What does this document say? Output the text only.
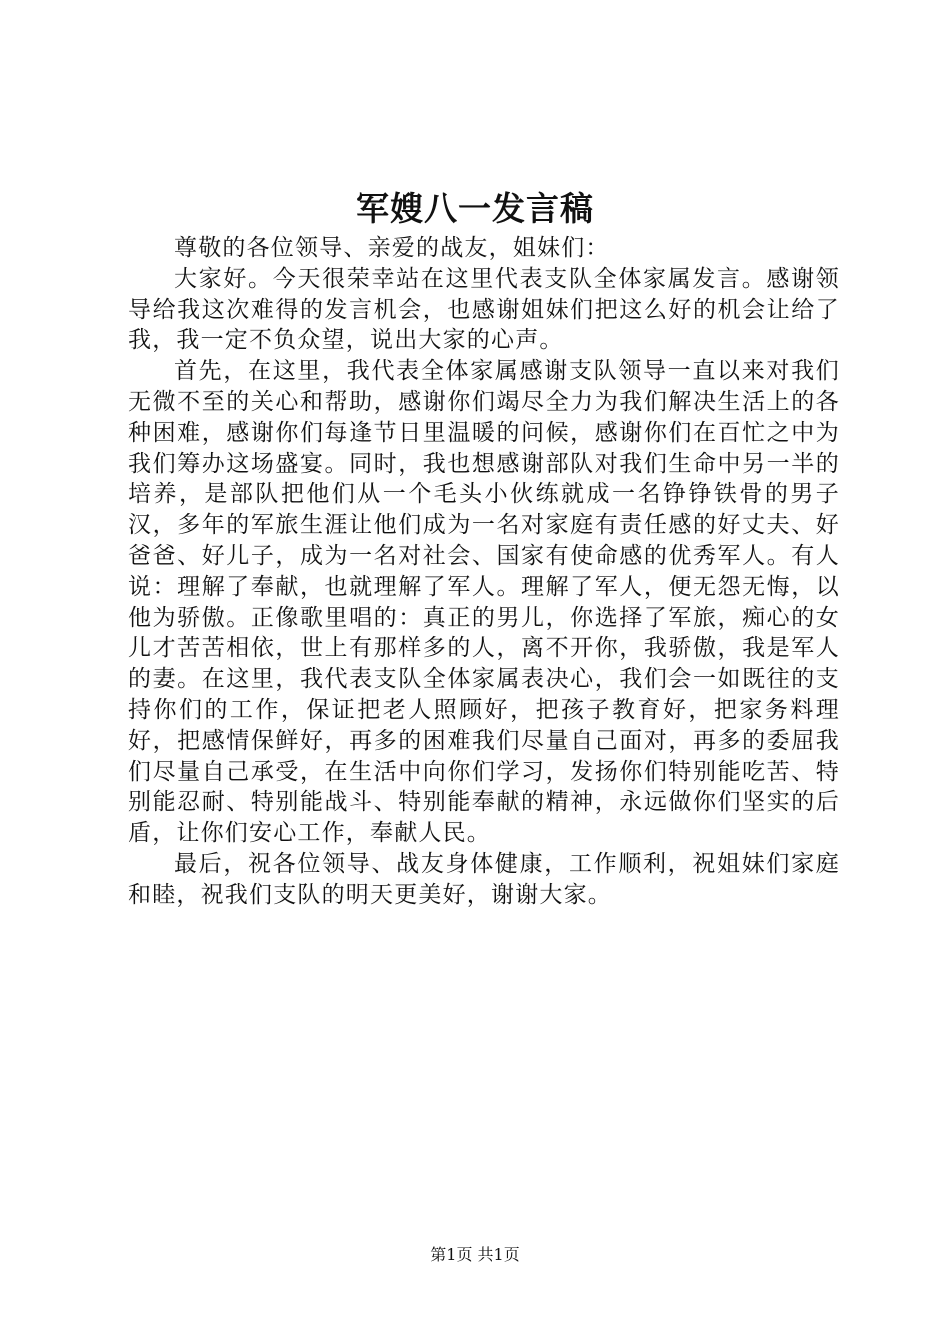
军嫂八一发言稿

尊敬的各位领导、亲爱的战友，姐妹们：

大家好。今天很荣幸站在这里代表支队全体家属发言。感谢领导给我这次难得的发言机会，也感谢姐妹们把这么好的机会让给了我，我一定不负众望，说出大家的心声。

首先，在这里，我代表全体家属感谢支队领导一直以来对我们无微不至的关心和帮助，感谢你们竭尽全力为我们解决生活上的各种困难，感谢你们每逢节日里温暖的问候，感谢你们在百忙之中为我们筹办这场盛宴。同时，我也想感谢部队对我们生命中另一半的培养，是部队把他们从一个毛头小伙练就成一名铮铮铁骨的男子汉，多年的军旅生涯让他们成为一名对家庭有责任感的好丈夫、好爸爸、好儿子，成为一名对社会、国家有使命感的优秀军人。有人说：理解了奉献，也就理解了军人。理解了军人，便无怨无悔，以他为骄傲。正像歌里唱的：真正的男儿，你选择了军旅，痴心的女儿才苦苦相依，世上有那样多的人，离不开你，我骄傲，我是军人的妻。在这里，我代表支队全体家属表决心，我们会一如既往的支持你们的工作，保证把老人照顾好，把孩子教育好，把家务料理好，把感情保鲜好，再多的困难我们尽量自己面对，再多的委屈我们尽量自己承受，在生活中向你们学习，发扬你们特别能吃苦、特别能忍耐、特别能战斗、特别能奉献的精神，永远做你们坚实的后盾，让你们安心工作，奉献人民。

最后，祝各位领导、战友身体健康，工作顺利，祝姐妹们家庭和睦，祝我们支队的明天更美好，谢谢大家。

第1页 共1页
